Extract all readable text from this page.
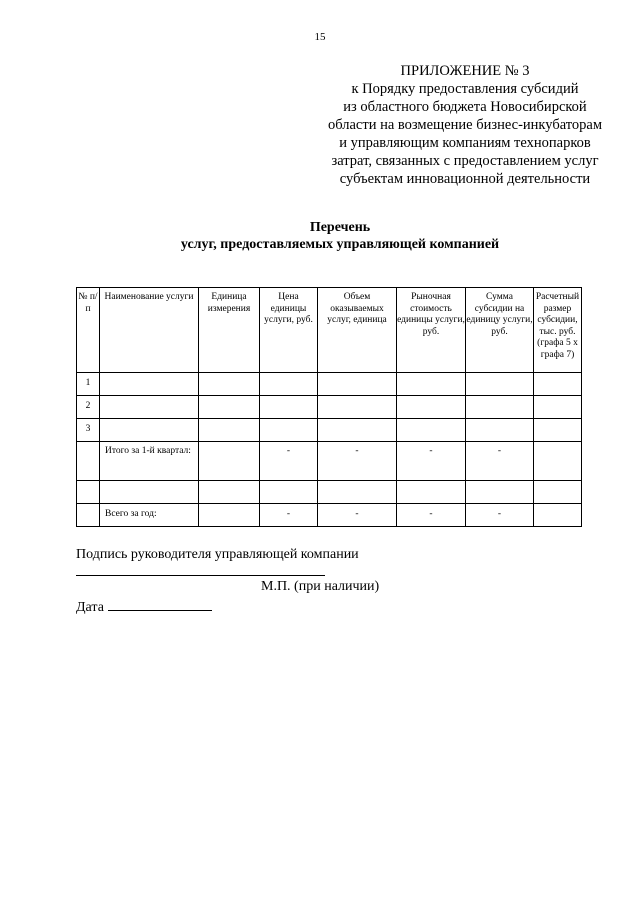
15
ПРИЛОЖЕНИЕ № 3
к Порядку предоставления субсидий
из областного бюджета Новосибирской
области на возмещение бизнес-инкубаторам
и управляющим компаниям технопарков
затрат, связанных с предоставлением услуг
субъектам инновационной деятельности
Перечень
услуг, предоставляемых управляющей компанией
№ п/п	Наименование услуги	Единица измерения	Цена единицы услуги, руб.	Объем оказываемых услуг, единица	Рыночная стоимость единицы услуги, руб.	Сумма субсидии на единицу услуги, руб.	Расчетный размер субсидии, тыс. руб. (графа 5 x графа 7)
1							
2							
3							
	Итого за 1-й квартал:		-	-	-	-	

	Всего за год:		-	-	-	-	
Подпись руководителя управляющей компании
М.П. (при наличии)
Дата
